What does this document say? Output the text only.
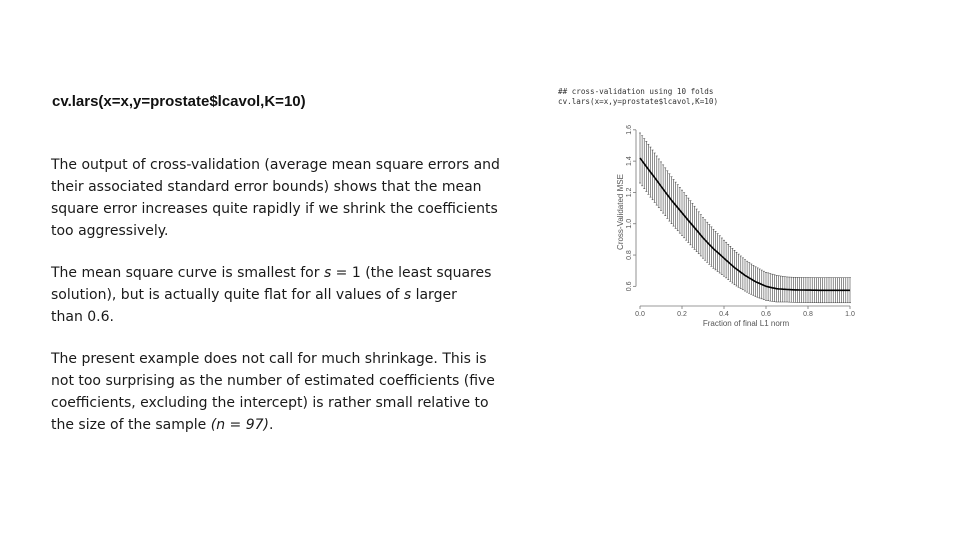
cv.lars(x=x,y=prostate$lcavol,K=10)
The output of cross-validation (average mean square errors and
their associated standard error bounds) shows that the mean
square error increases quite rapidly if we shrink the coefficients
too aggressively.
The mean square curve is smallest for s = 1 (the least squares
solution), but is actually quite flat for all values of s larger
than 0.6.
The present example does not call for much shrinkage. This is
not too surprising as the number of estimated coefficients (five
coefficients, excluding the intercept) is rather small relative to
the size of the sample (n = 97).
## cross-validation using 10 folds
cv.lars(x=x,y=prostate$lcavol,K=10)
0.0	0.2	0.4	0.6	0.8	1.0
0.6
0.8
1.0
1.2
1.4
1.6
Fraction of final L1 norm
Cross-Validated MSE
